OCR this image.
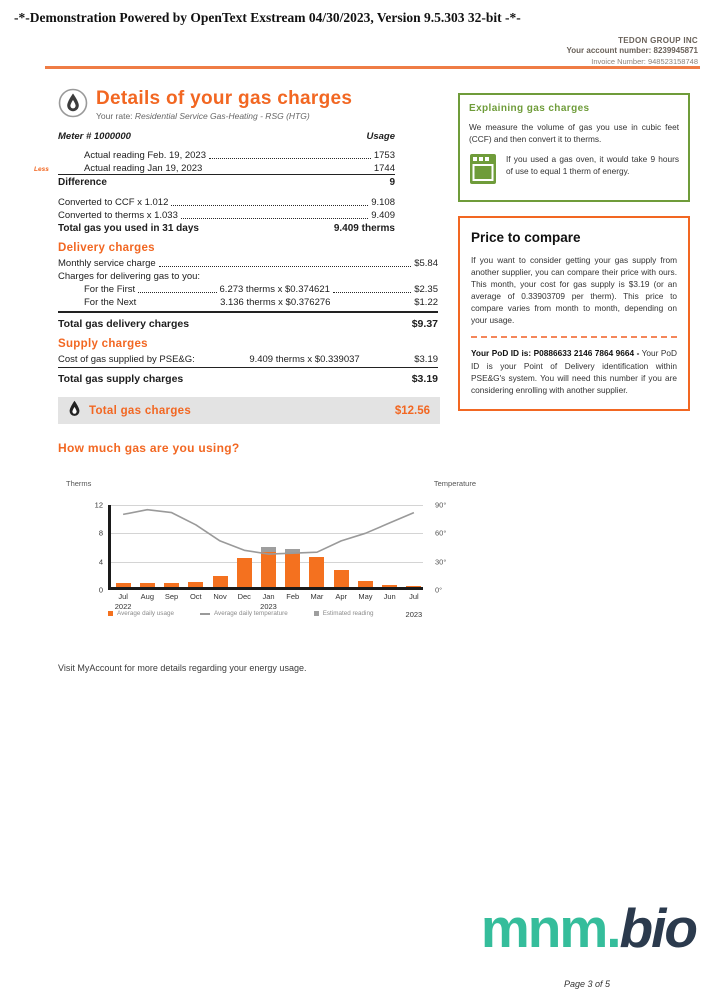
-*-Demonstration Powered by OpenText Exstream 04/30/2023, Version 9.5.303 32-bit -*-
TEDON GROUP INC
Your account number: 8239945871
Invoice Number: 948523158748
Details of your gas charges
Your rate: Residential Service Gas-Heating - RSG (HTG)
Meter # 1000000	Usage
Actual reading Feb. 19, 2023	1753
Less	Actual reading Jan 19, 2023	1744
Difference	9
Converted to CCF x 1.012	9.108
Converted to therms x 1.033	9.409
Total gas you used in 31 days	9.409 therms
Delivery charges
Monthly service charge	$5.84
Charges for delivering gas to you:
For the First	6.273 therms x $0.374621	$2.35
For the Next	3.136 therms x $0.376276	$1.22
Total gas delivery charges	$9.37
Supply charges
Cost of gas supplied by PSE&G:	9.409 therms x $0.339037	$3.19
Total gas supply charges	$3.19
Total gas charges	$12.56
How much gas are you using?
Therms	Temperature
12	90°
8	60°
4	30°
0	0°
Jul Aug Sep Oct Nov Dec Jan Feb Mar Apr May Jun Jul
2022	2023
2023
Average daily usage	Average daily temperature	Estimated reading
Visit MyAccount for more details regarding your energy usage.
Explaining gas charges
We measure the volume of gas you use in cubic feet (CCF) and then convert it to therms.
If you used a gas oven, it would take 9 hours of use to equal 1 therm of energy.
Price to compare
If you want to consider getting your gas supply from another supplier, you can compare their price with ours. This month, your cost for gas supply is $3.19 (or an average of 0.33903709 per therm). This price to compare varies from month to month, depending on your usage.
Your PoD ID is: P0886633 2146 7864 9664 - Your PoD ID is your Point of Delivery identification within PSE&G's system. You will need this number if you are considering enrolling with another supplier.
mnm.bio
Page 3 of 5
